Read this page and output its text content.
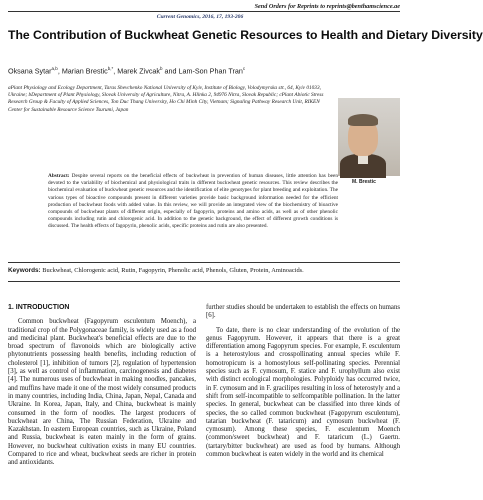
Send Orders for Reprints to reprints@benthamscience.ae
Current Genomics, 2016, 17, 193-206
The Contribution of Buckwheat Genetic Resources to Health and Dietary Diversity
Oksana Sytar$^{a,b}$, Marian Brestic$^{b,*}$, Marek Zivcak$^b$ and Lam-Son Phan Tran$^c$
aPlant Physiology and Ecology Department, Taras Shevchenko National University of Kyiv, Institute of Biology, Volodymyrska str., 64, Kyiv 01033, Ukraine; bDepartment of Plant Physiology, Slovak University of Agriculture, Nitra, A. Hlinka 2, 94976 Nitra, Slovak Republic; cPlant Abiotic Stress Research Group & Faculty of Applied Sciences, Ton Duc Thang University, Ho Chi Minh City, Vietnam; Signaling Pathway Research Unit, RIKEN Center for Sustainable Resource Science Tsurumi, Japan
M. Brestic
Abstract: Despite several reports on the beneficial effects of buckwheat in prevention of human diseases, little attention has been devoted to the variability of biochemical and physiological traits in different buckwheat genetic resources. This review describes the biochemical evaluation of buckwheat genetic resources and the identification of elite genotypes for plant breeding and exploitation. The various types of bioactive compounds present in different varieties provide basic background information needed for the efficient production of buckwheat foods with added value. In this review, we will provide an integrated view of the biochemistry of bioactive compounds of buckwheat plants of different origin, especially of fagopyrin, proteins and amino acids, as well as of other phenolic compounds including rutin and chlorogenic acid. In addition to the genetic background, the effect of different growth conditions is discussed. The health effects of fagopyrin, phenolic acids, specific proteins and rutin are also presented.
Keywords: Buckwheat, Chlorogenic acid, Rutin, Fagopyrin, Phenolic acid, Phenols, Gluten, Protein, Aminoacids.
1. INTRODUCTION

Common buckwheat (Fagopyrum esculentum Moench), a traditional crop of the Polygonaceae family, is widely used as a food and medicinal plant. Buckwheat's beneficial effects are due to the broad spectrum of flavonoids which are biologically active phytonutrients possessing health benefits, including reduction of cholesterol [1], inhibition of tumors [2], regulation of hypertension [3], as well as control of inflammation, carcinogenesis and diabetes [4]. The numerous uses of buckwheat in making noodles, pancakes, and muffins have made it one of the most widely consumed products in many countries, including India, China, Japan, Nepal, Canada and Ukraine. In Korea, Japan, Italy, and China, buckwheat is mainly consumed in the form of noodles. The largest producers of buckwheat are China, The Russian Federation, Ukraine and Kazakhstan. In eastern European countries, such as Ukraine, Poland and Russia, buckwheat is eaten mainly in the form of grains. However, no buckwheat cultivation exists in many EU countries. Compared to rice and wheat, buckwheat seeds are richer in protein and antioxidants.

further studies should be undertaken to establish the effects on humans [6].

To date, there is no clear understanding of the evolution of the genus Fagopyrum. However, it appears that there is a great differentiation among Fagopyrum species. For example, F. esculentum is a heterostylous and crosspollinating annual species while F. homotropicum is a homostylous self-pollinating species. Perennial species such as F. cymosum, F. statice and F. urophyllum also exist with distinct ecological morphologies. Polyploidy has occurred twice, in F. cymosum and in F. gracilipes resulting in loss of heterostyly and a shift from self-incompatible to selfcompatible pollination. In the latter species. In general, buckwheat can be classified into three kinds of species, the so called common buckwheat (Fagopyrum esculentum), tatarian buckwheat (F. tataricum) and cymosum buckwheat (F. cymosum). Among these species, F. esculentum Moench (common/sweet buckwheat) and F. tataricum (L.) Gaertn. (tartary/bitter buckwheat) are used as food by humans. Although common buckwheat is eaten widely in the world and its chemical
